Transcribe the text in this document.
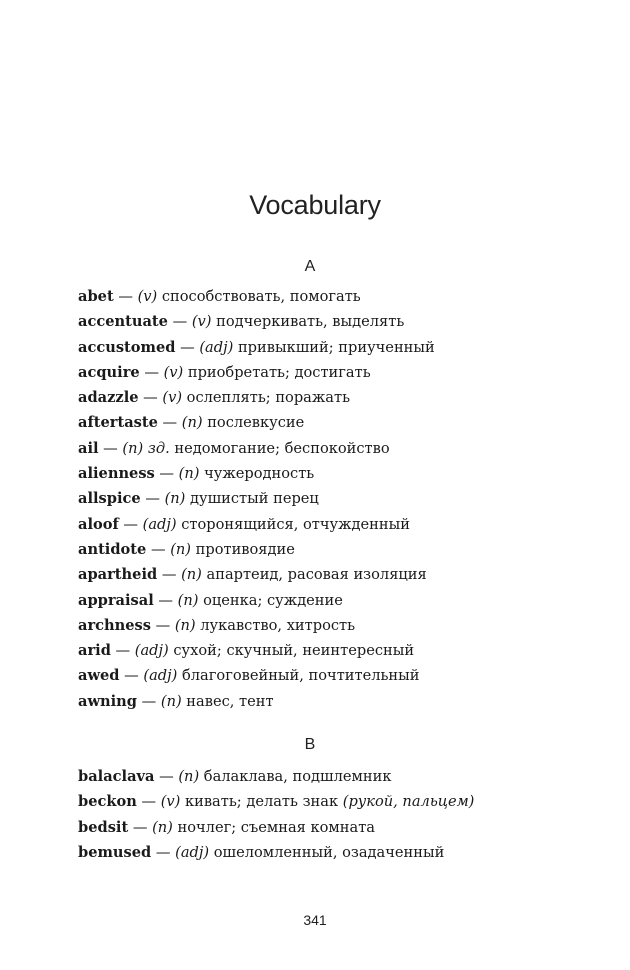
Vocabulary
A
abet — (v) способствовать, помогать
accentuate — (v) подчеркивать, выделять
accustomed — (adj) привыкший; приученный
acquire — (v) приобретать; достигать
adazzle — (v) ослеплять; поражать
aftertaste — (n) послевкусие
ail — (n) зд. недомогание; беспокойство
alienness — (n) чужеродность
allspice — (n) душистый перец
aloof — (adj) сторонящийся, отчужденный
antidote — (n) противоядие
apartheid — (n) апартеид, расовая изоляция
appraisal — (n) оценка; суждение
archness — (n) лукавство, хитрость
arid — (adj) сухой; скучный, неинтересный
awed — (adj) благоговейный, почтительный
awning — (n) навес, тент
B
balaclava — (n) балаклава, подшлемник
beckon — (v) кивать; делать знак (рукой, пальцем)
bedsit — (n) ночлег; съемная комната
bemused — (adj) ошеломленный, озадаченный
341
